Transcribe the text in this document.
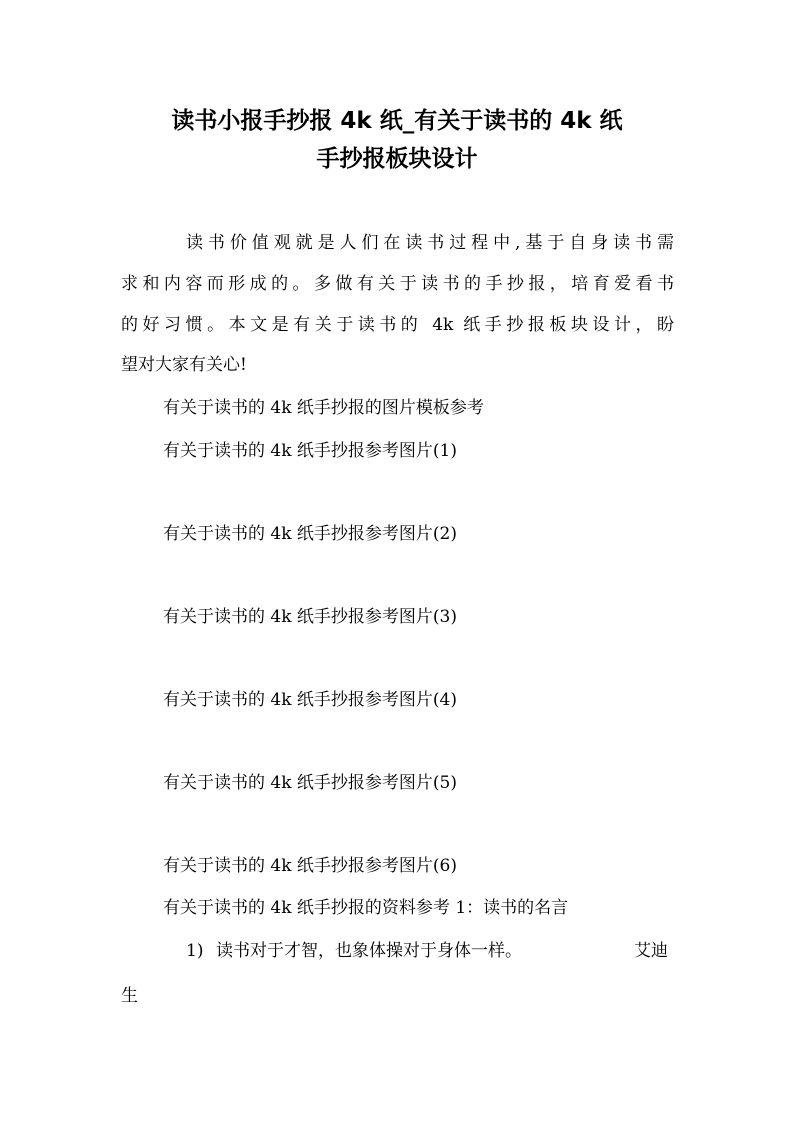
读书小报手抄报 4k 纸_有关于读书的 4k 纸
手抄报板块设计
读书价值观就是人们在读书过程中,基于自身读书需
求和内容而形成的。多做有关于读书的手抄报，培育爱看书
的好习惯。本文是有关于读书的 4k 纸手抄报板块设计，盼
望对大家有关心!
有关于读书的 4k 纸手抄报的图片模板参考
有关于读书的 4k 纸手抄报参考图片(1)
有关于读书的 4k 纸手抄报参考图片(2)
有关于读书的 4k 纸手抄报参考图片(3)
有关于读书的 4k 纸手抄报参考图片(4)
有关于读书的 4k 纸手抄报参考图片(5)
有关于读书的 4k 纸手抄报参考图片(6)
有关于读书的 4k 纸手抄报的资料参考 1：读书的名言
1) 读书对于才智，也象体操对于身体一样。	艾迪
生
